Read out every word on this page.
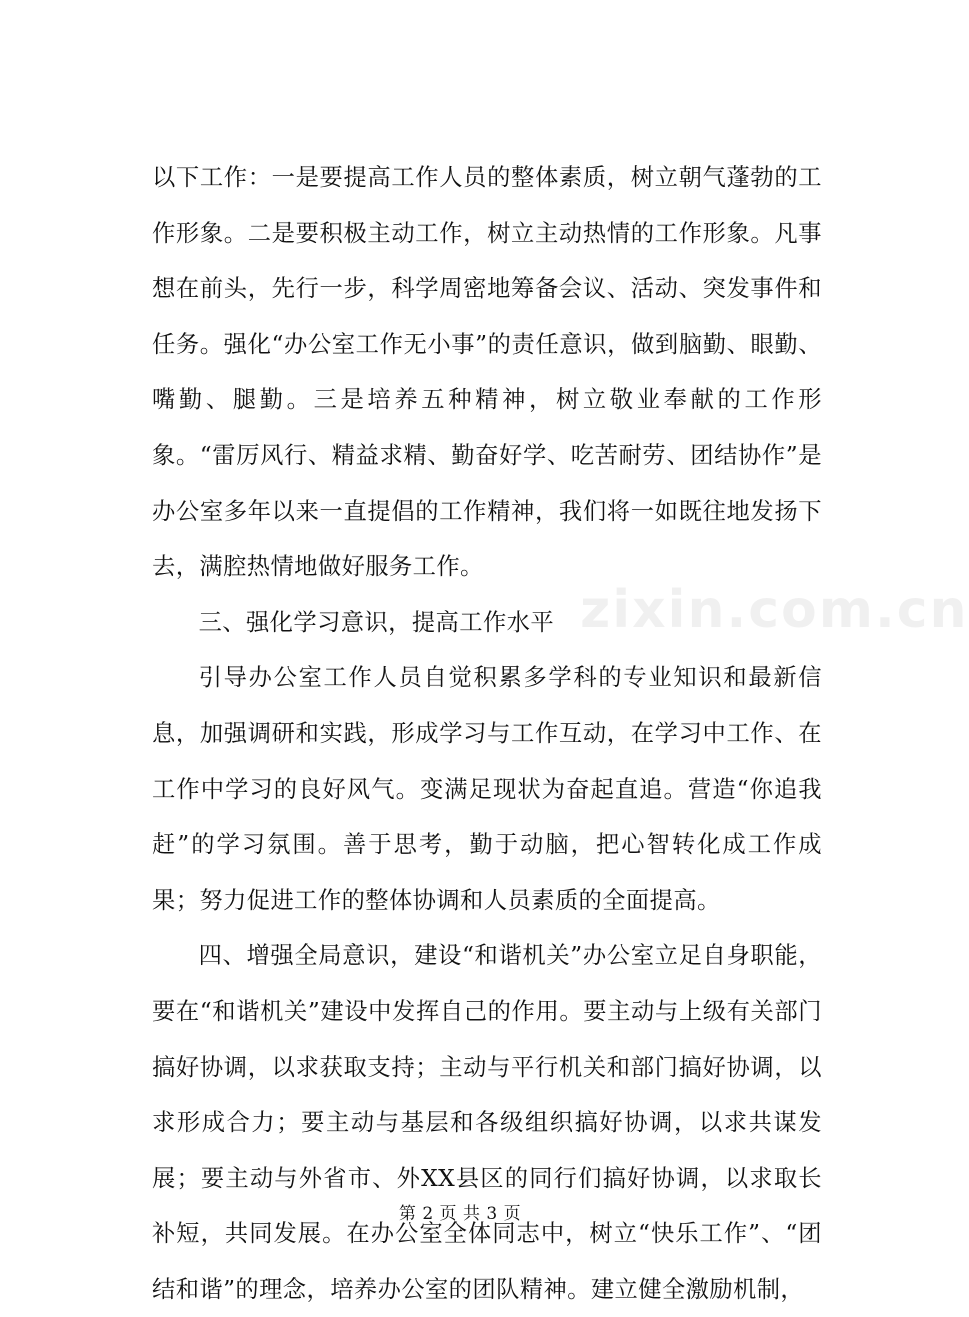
以下工作：一是要提高工作人员的整体素质，树立朝气蓬勃的工作形象。二是要积极主动工作，树立主动热情的工作形象。凡事想在前头，先行一步，科学周密地筹备会议、活动、突发事件和任务。强化“办公室工作无小事”的责任意识，做到脑勤、眼勤、嘴勤、腿勤。三是培养五种精神，树立敬业奉献的工作形象。“雷厉风行、精益求精、勤奋好学、吃苦耐劳、团结协作”是办公室多年以来一直提倡的工作精神，我们将一如既往地发扬下去，满腔热情地做好服务工作。

三、强化学习意识，提高工作水平

引导办公室工作人员自觉积累多学科的专业知识和最新信息，加强调研和实践，形成学习与工作互动，在学习中工作、在工作中学习的良好风气。变满足现状为奋起直追。营造“你追我赶”的学习氛围。善于思考，勤于动脑，把心智转化成工作成果；努力促进工作的整体协调和人员素质的全面提高。

四、增强全局意识，建设“和谐机关”办公室立足自身职能，要在“和谐机关”建设中发挥自己的作用。要主动与上级有关部门搞好协调，以求获取支持；主动与平行机关和部门搞好协调，以求形成合力；要主动与基层和各级组织搞好协调，以求共谋发展；要主动与外省市、外XX县区的同行们搞好协调，以求取长补短，共同发展。在办公室全体同志中，树立“快乐工作”、“团结和谐”的理念，培养办公室的团队精神。建立健全激励机制，

zixin.com.cn
第 2 页 共 3 页
